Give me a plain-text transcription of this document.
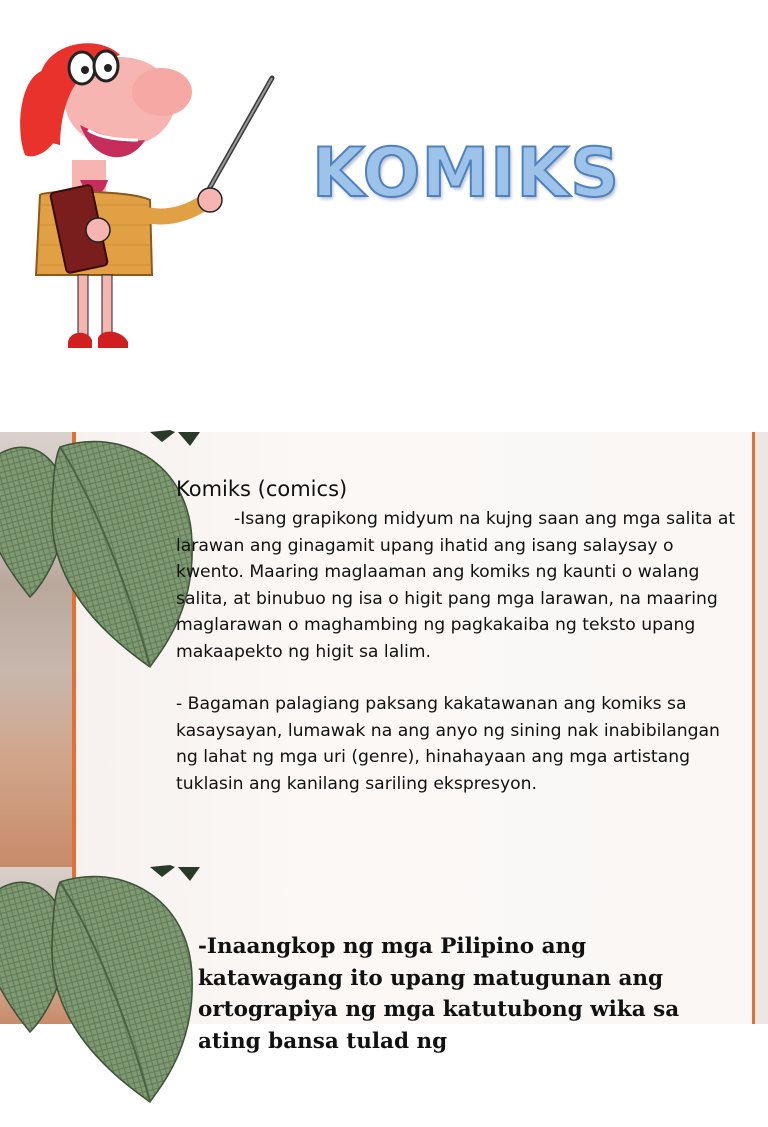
KOMIKS
Komiks (comics)

-Isang grapikong midyum na kujng saan ang mga salita at larawan ang ginagamit upang ihatid ang isang salaysay o kwento. Maaring maglaaman ang komiks ng kaunti o walang salita, at binubuo ng isa o higit pang mga larawan, na maaring maglarawan o maghambing ng pagkakaiba ng teksto upang makaapekto ng higit sa lalim.

- Bagaman palagiang paksang kakatawanan ang komiks sa kasaysayan, lumawak na ang anyo ng sining nak inabibilangan ng lahat ng mga uri (genre), hinahayaan ang mga artistang tuklasin ang kanilang sariling ekspresyon.

-Inaangkop ng mga Pilipino ang katawagang ito upang matugunan ang ortograpiya ng mga katutubong wika sa ating bansa tulad ng
